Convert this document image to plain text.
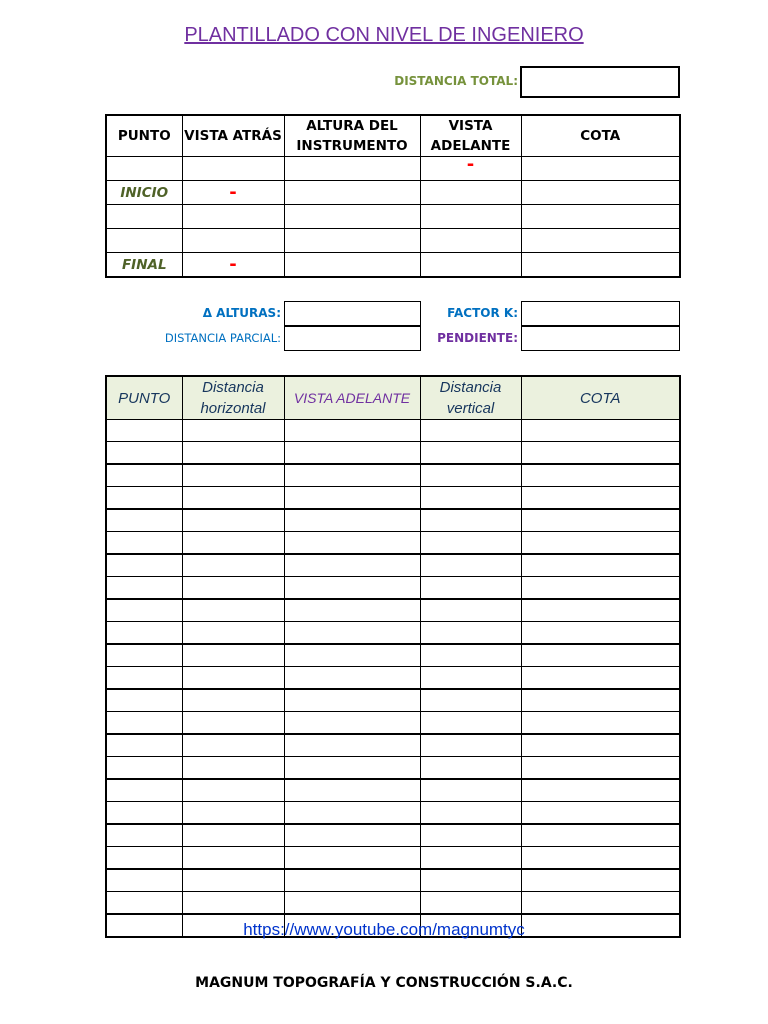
PLANTILLADO CON NIVEL DE INGENIERO
DISTANCIA TOTAL:
PUNTO	VISTA ATRÁS	ALTURA DEL INSTRUMENTO	VISTA ADELANTE	COTA
			-	
INICIO	-			

FINAL	-			
Δ ALTURAS:
DISTANCIA PARCIAL:
FACTOR K:
PENDIENTE:
PUNTO	Distancia horizontal	VISTA ADELANTE	Distancia vertical	COTA

https://www.youtube.com/magnumtyc
MAGNUM TOPOGRAFÍA Y CONSTRUCCIÓN S.A.C.
